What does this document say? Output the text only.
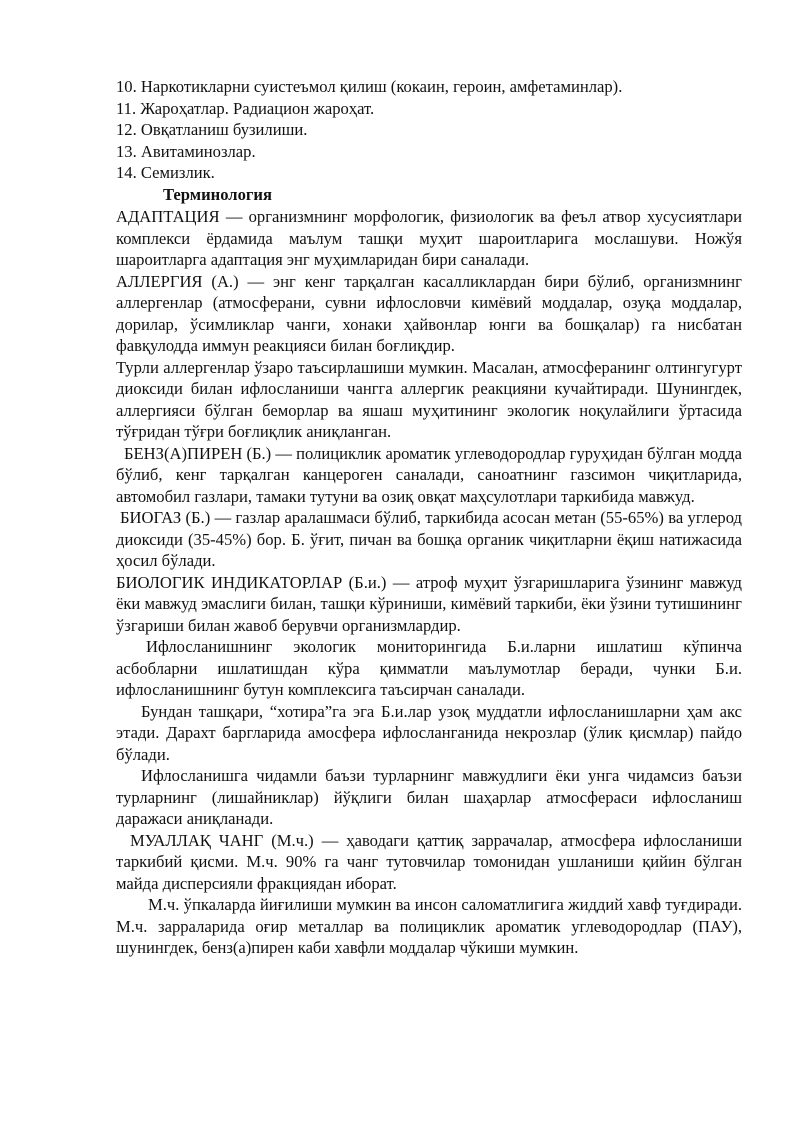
10. Наркотикларни суистеъмол қилиш (кокаин, героин, амфетаминлар).
11. Жароҳатлар. Радиацион жароҳат.
12. Овқатланиш бузилиши.
13. Авитаминозлар.
14. Семизлик.
Терминология

АДАПТАЦИЯ — организмнинг морфологик, физиологик ва феъл атвор хусусиятлари комплекси ёрдамида маълум ташқи муҳит шароитларига мослашуви. Ножўя шароитларга адаптация энг муҳимларидан бири саналади.

АЛЛЕРГИЯ (А.) — энг кенг тарқалган касалликлардан бири бўлиб, организмнинг аллергенлар (атмосферани, сувни ифлословчи кимёвий моддалар, озуқа моддалар, дорилар, ўсимликлар чанги, хонаки ҳайвонлар юнги ва бошқалар) га нисбатан фавқулодда иммун реакцияси билан боғлиқдир.

Турли аллергенлар ўзаро таъсирлашиши мумкин. Масалан, атмосферанинг олтингугурт диоксиди билан ифлосланиши чангга аллергик реакцияни кучайтиради. Шунингдек, аллергияси бўлган беморлар ва яшаш муҳитининг экологик ноқулайлиги ўртасида тўғридан тўғри боғлиқлик аниқланган.

БЕНЗ(А)ПИРЕН (Б.) — полициклик ароматик углеводородлар гуруҳидан бўлган модда бўлиб, кенг тарқалган канцероген саналади, саноатнинг газсимон чиқитларида, автомобил газлари, тамаки тутуни ва озиқ овқат маҳсулотлари таркибида мавжуд.

БИОГАЗ (Б.) — газлар аралашмаси бўлиб, таркибида асосан метан (55-65%) ва углерод диоксиди (35-45%) бор. Б. ўғит, пичан ва бошқа органик чиқитларни ёқиш натижасида ҳосил бўлади.

БИОЛОГИК ИНДИКАТОРЛАР (Б.и.) — атроф муҳит ўзгаришларига ўзининг мавжуд ёки мавжуд эмаслиги билан, ташқи кўриниши, кимёвий таркиби, ёки ўзини тутишининг ўзгариши билан жавоб берувчи организмлардир.

Ифлосланишнинг экологик мониторингида Б.и.ларни ишлатиш кўпинча асбобларни ишлатишдан кўра қимматли маълумотлар беради, чунки Б.и. ифлосланишнинг бутун комплексига таъсирчан саналади.

Бундан ташқари, “хотира”га эга Б.и.лар узоқ муддатли ифлосланишларни ҳам акс этади. Дарахт баргларида амосфера ифлосланганида некрозлар (ўлик қисмлар) пайдо бўлади.

Ифлосланишга чидамли баъзи турларнинг мавжудлиги ёки унга чидамсиз баъзи турларнинг (лишайниклар) йўқлиги билан шаҳарлар атмосфераси ифлосланиш даражаси аниқланади.

МУАЛЛАҚ ЧАНГ (М.ч.) — ҳаводаги қаттиқ заррачалар, атмосфера ифлосланиши таркибий қисми. М.ч. 90% га чанг тутовчилар томонидан ушланиши қийин бўлган майда дисперсияли фракциядан иборат.

М.ч. ўпкаларда йиғилиши мумкин ва инсон саломатлигига жиддий хавф туғдиради. М.ч. зарраларида оғир металлар ва полициклик ароматик углеводородлар (ПАУ), шунингдек, бенз(а)пирен каби хавфли моддалар чўкиши мумкин.
